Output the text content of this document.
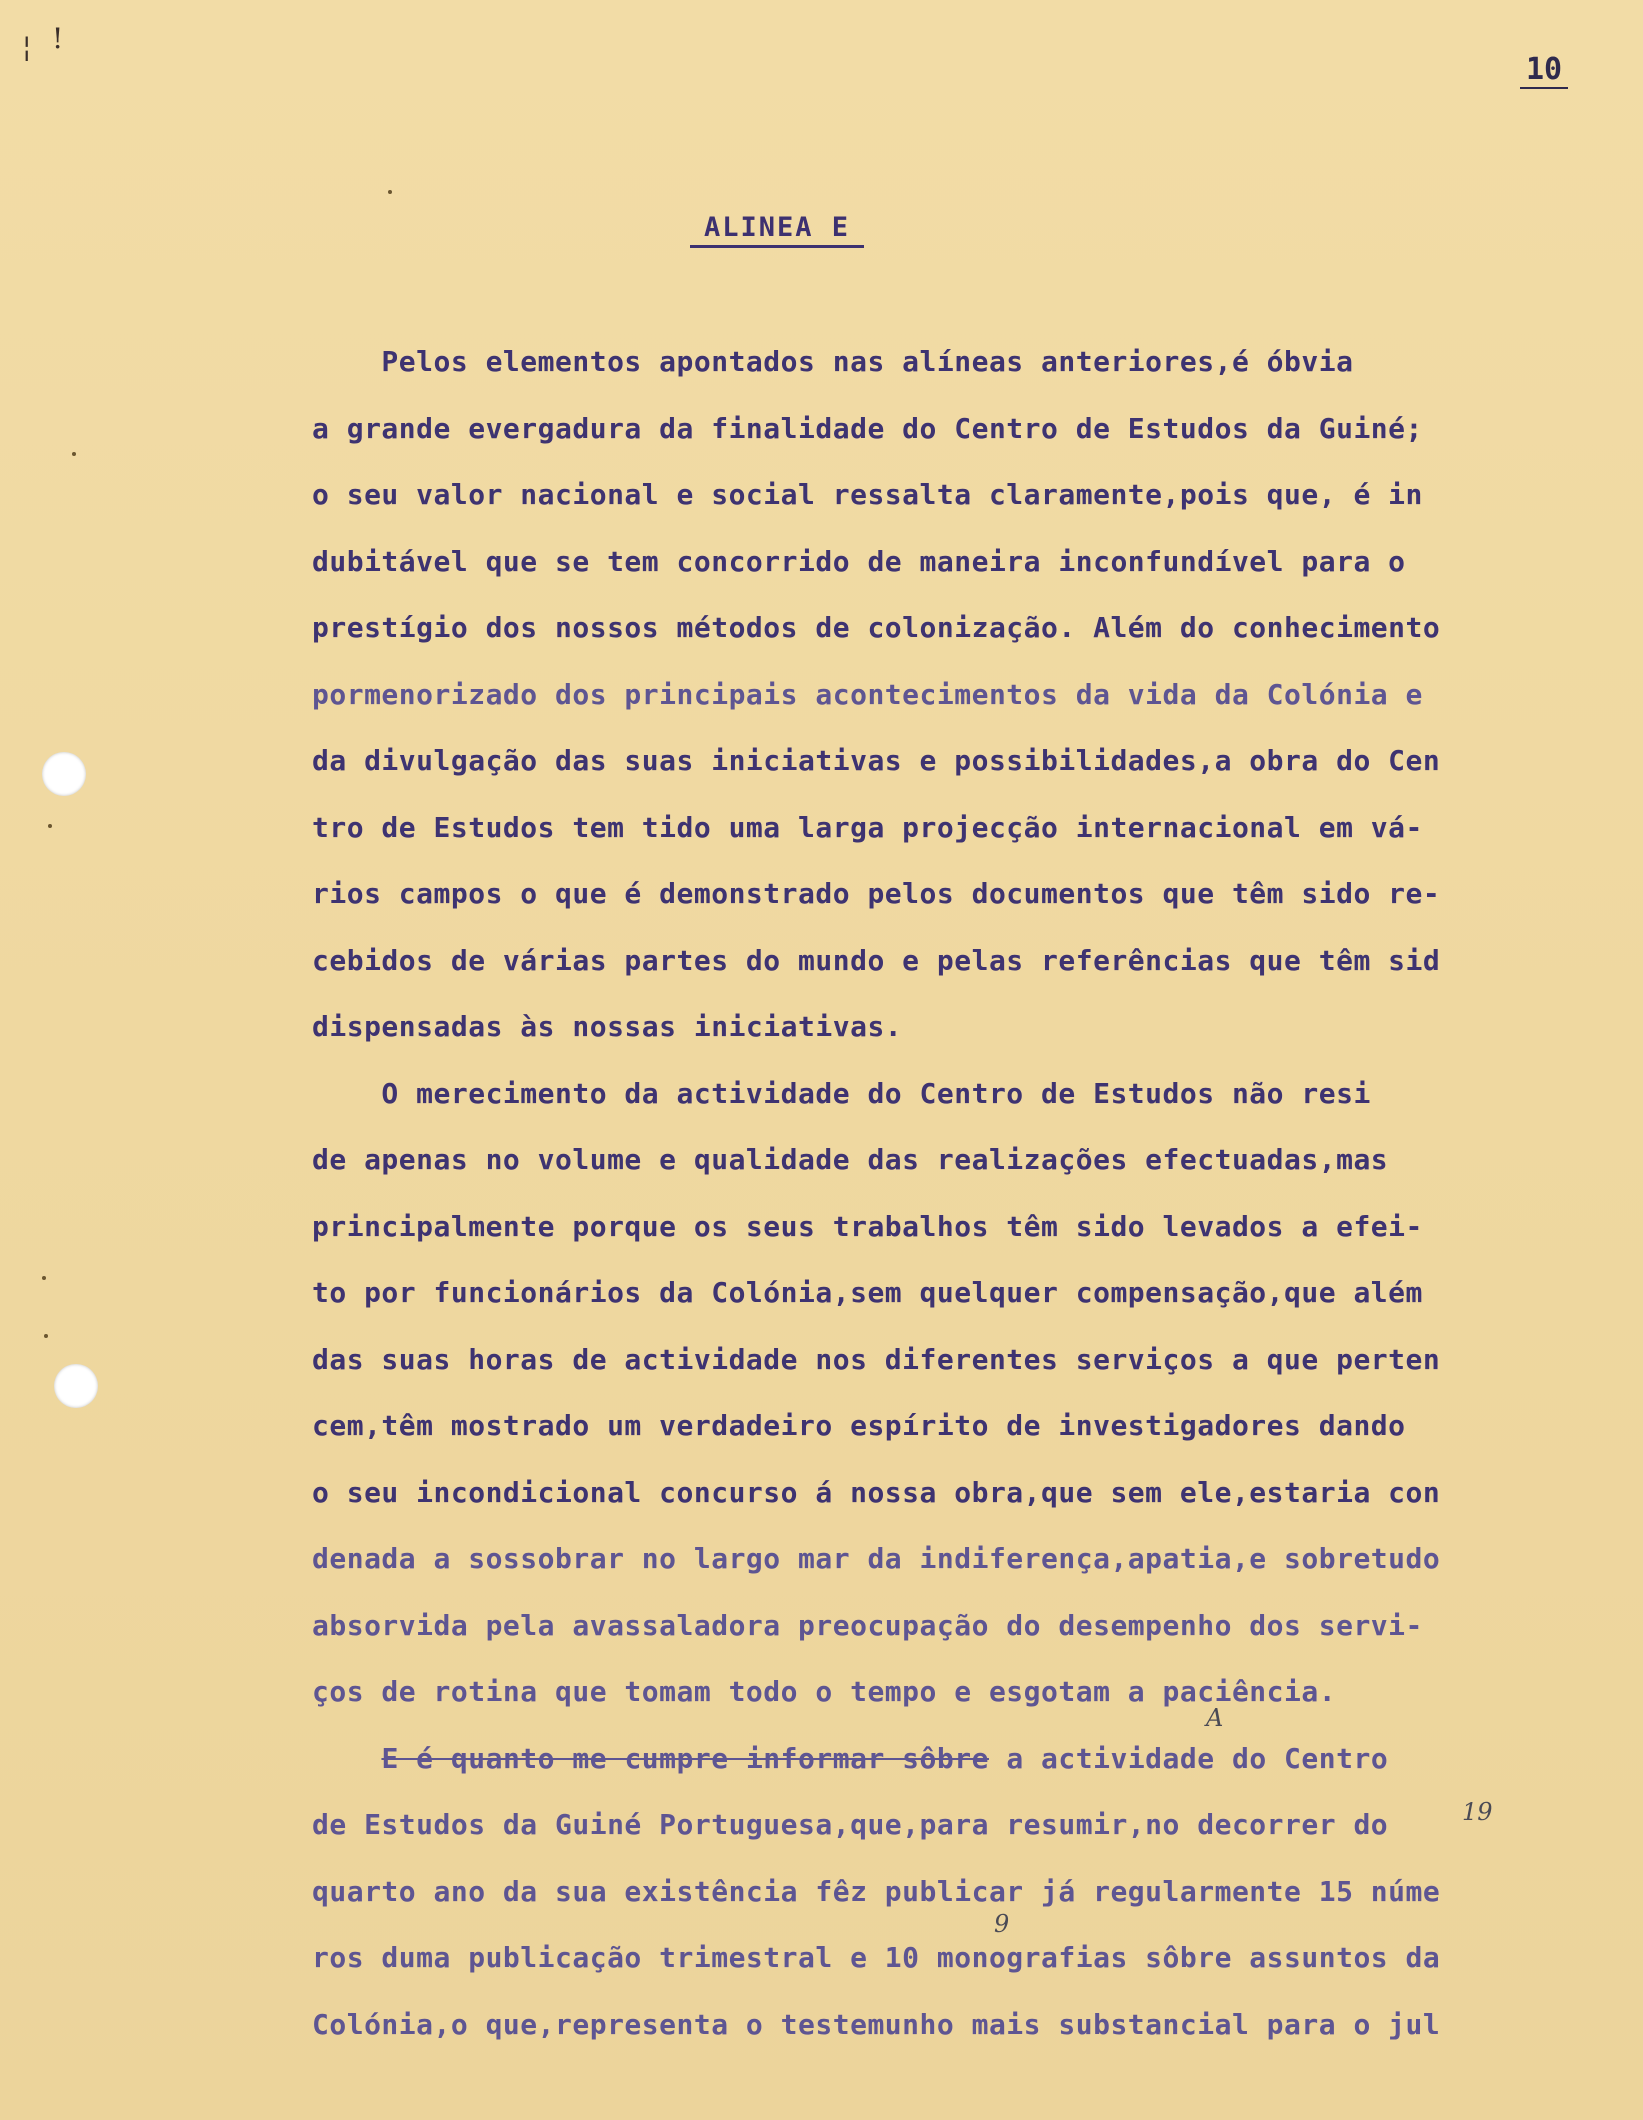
¦ !
10
ALINEA E
Pelos elementos apontados nas alíneas anteriores,é óbvia
a grande evergadura da finalidade do Centro de Estudos da Guiné;
o seu valor nacional e social ressalta claramente,pois que, é in
dubitável que se tem concorrido de maneira inconfundível para o
prestígio dos nossos métodos de colonização. Além do conhecimento
pormenorizado dos principais acontecimentos da vida da Colónia e
da divulgação das suas iniciativas e possibilidades,a obra do Cen
tro de Estudos tem tido uma larga projecção internacional em vá-
rios campos o que é demonstrado pelos documentos que têm sido re-
cebidos de várias partes do mundo e pelas referências que têm sid
dispensadas às nossas iniciativas.
O merecimento da actividade do Centro de Estudos não resi
de apenas no volume e qualidade das realizações efectuadas,mas
principalmente porque os seus trabalhos têm sido levados a efei-
to por funcionários da Colónia,sem quelquer compensação,que além
das suas horas de actividade nos diferentes serviços a que perten
cem,têm mostrado um verdadeiro espírito de investigadores dando
o seu incondicional concurso á nossa obra,que sem ele,estaria con
denada a sossobrar no largo mar da indiferença,apatia,e sobretudo
absorvida pela avassaladora preocupação do desempenho dos servi-
ços de rotina que tomam todo o tempo e esgotam a paciência.
E é quanto me cumpre informar sôbre a actividade do Centro
de Estudos da Guiné Portuguesa,que,para resumir,no decorrer do
quarto ano da sua existência fêz publicar já regularmente 15 núme
ros duma publicação trimestral e 10 monografias sôbre assuntos da
Colónia,o que,representa o testemunho mais substancial para o jul
A
19
9
